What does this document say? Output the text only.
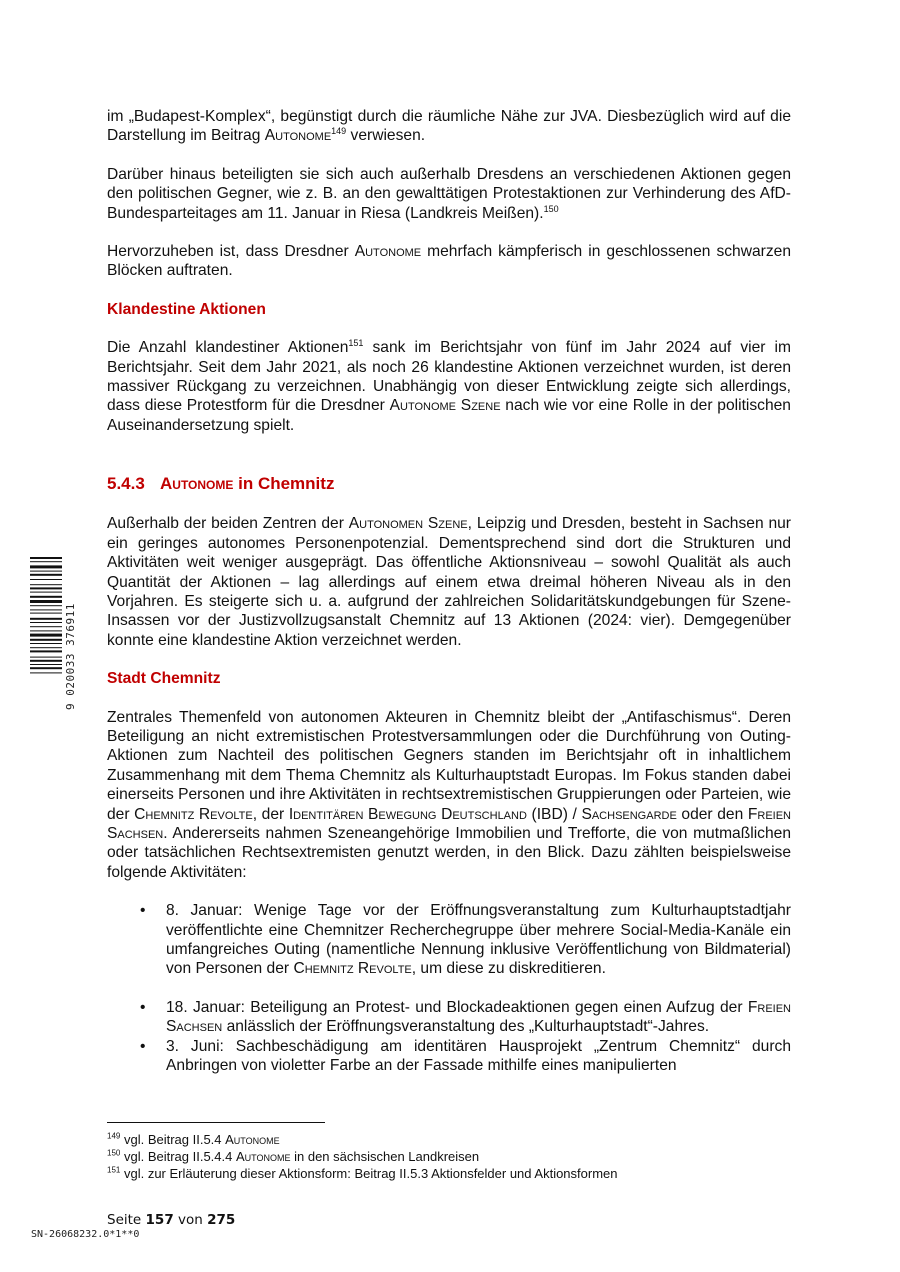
im „Budapest-Komplex“, begünstigt durch die räumliche Nähe zur JVA. Diesbezüglich wird auf die Darstellung im Beitrag Autonome$^{149}$ verwiesen.

Darüber hinaus beteiligten sie sich auch außerhalb Dresdens an verschiedenen Aktionen gegen den politischen Gegner, wie z. B. an den gewalttätigen Protestaktionen zur Verhinderung des AfD-Bundesparteitages am 11. Januar in Riesa (Landkreis Meißen).$^{150}$

Hervorzuheben ist, dass Dresdner Autonome mehrfach kämpferisch in geschlossenen schwarzen Blöcken auftraten.

Klandestine Aktionen

Die Anzahl klandestiner Aktionen$^{151}$ sank im Berichtsjahr von fünf im Jahr 2024 auf vier im Berichtsjahr. Seit dem Jahr 2021, als noch 26 klandestine Aktionen verzeichnet wurden, ist deren massiver Rückgang zu verzeichnen. Unabhängig von dieser Entwicklung zeigte sich allerdings, dass diese Protestform für die Dresdner Autonome Szene nach wie vor eine Rolle in der politischen Auseinandersetzung spielt.

5.4.3 Autonome in Chemnitz

Außerhalb der beiden Zentren der Autonomen Szene, Leipzig und Dresden, besteht in Sachsen nur ein geringes autonomes Personenpotenzial. Dementsprechend sind dort die Strukturen und Aktivitäten weit weniger ausgeprägt. Das öffentliche Aktionsniveau – sowohl Qualität als auch Quantität der Aktionen – lag allerdings auf einem etwa dreimal höheren Niveau als in den Vorjahren. Es steigerte sich u. a. aufgrund der zahlreichen Solidaritätskundgebungen für Szene-Insassen vor der Justizvollzugsanstalt Chemnitz auf 13 Aktionen (2024: vier). Demgegenüber konnte eine klandestine Aktion verzeichnet werden.

Stadt Chemnitz

Zentrales Themenfeld von autonomen Akteuren in Chemnitz bleibt der „Antifaschismus“. Deren Beteiligung an nicht extremistischen Protestversammlungen oder die Durchführung von Outing-Aktionen zum Nachteil des politischen Gegners standen im Berichtsjahr oft in inhaltlichem Zusammenhang mit dem Thema Chemnitz als Kulturhauptstadt Europas. Im Fokus standen dabei einerseits Personen und ihre Aktivitäten in rechtsextremistischen Gruppierungen oder Parteien, wie der Chemnitz Revolte, der Identitären Bewegung Deutschland (IBD) / Sachsengarde oder den Freien Sachsen. Andererseits nahmen Szeneangehörige Immobilien und Trefforte, die von mutmaßlichen oder tatsächlichen Rechtsextremisten genutzt werden, in den Blick. Dazu zählten beispielsweise folgende Aktivitäten:

• 8. Januar: Wenige Tage vor der Eröffnungsveranstaltung zum Kulturhauptstadtjahr veröffentlichte eine Chemnitzer Recherchegruppe über mehrere Social-Media-Kanäle ein umfangreiches Outing (namentliche Nennung inklusive Veröffentlichung von Bildmaterial) von Personen der Chemnitz Revolte, um diese zu diskreditieren.
• 18. Januar: Beteiligung an Protest- und Blockadeaktionen gegen einen Aufzug der Freien Sachsen anlässlich der Eröffnungsveranstaltung des „Kulturhauptstadt“-Jahres.
• 3. Juni: Sachbeschädigung am identitären Hausprojekt „Zentrum Chemnitz“ durch Anbringen von violetter Farbe an der Fassade mithilfe eines manipulierten
$^{149}$ vgl. Beitrag II.5.4 Autonome
$^{150}$ vgl. Beitrag II.5.4.4 Autonome in den sächsischen Landkreisen
$^{151}$ vgl. zur Erläuterung dieser Aktionsform: Beitrag II.5.3 Aktionsfelder und Aktionsformen
Seite 157 von 275
SN-26068232.0*1**0
9 020033 376911
